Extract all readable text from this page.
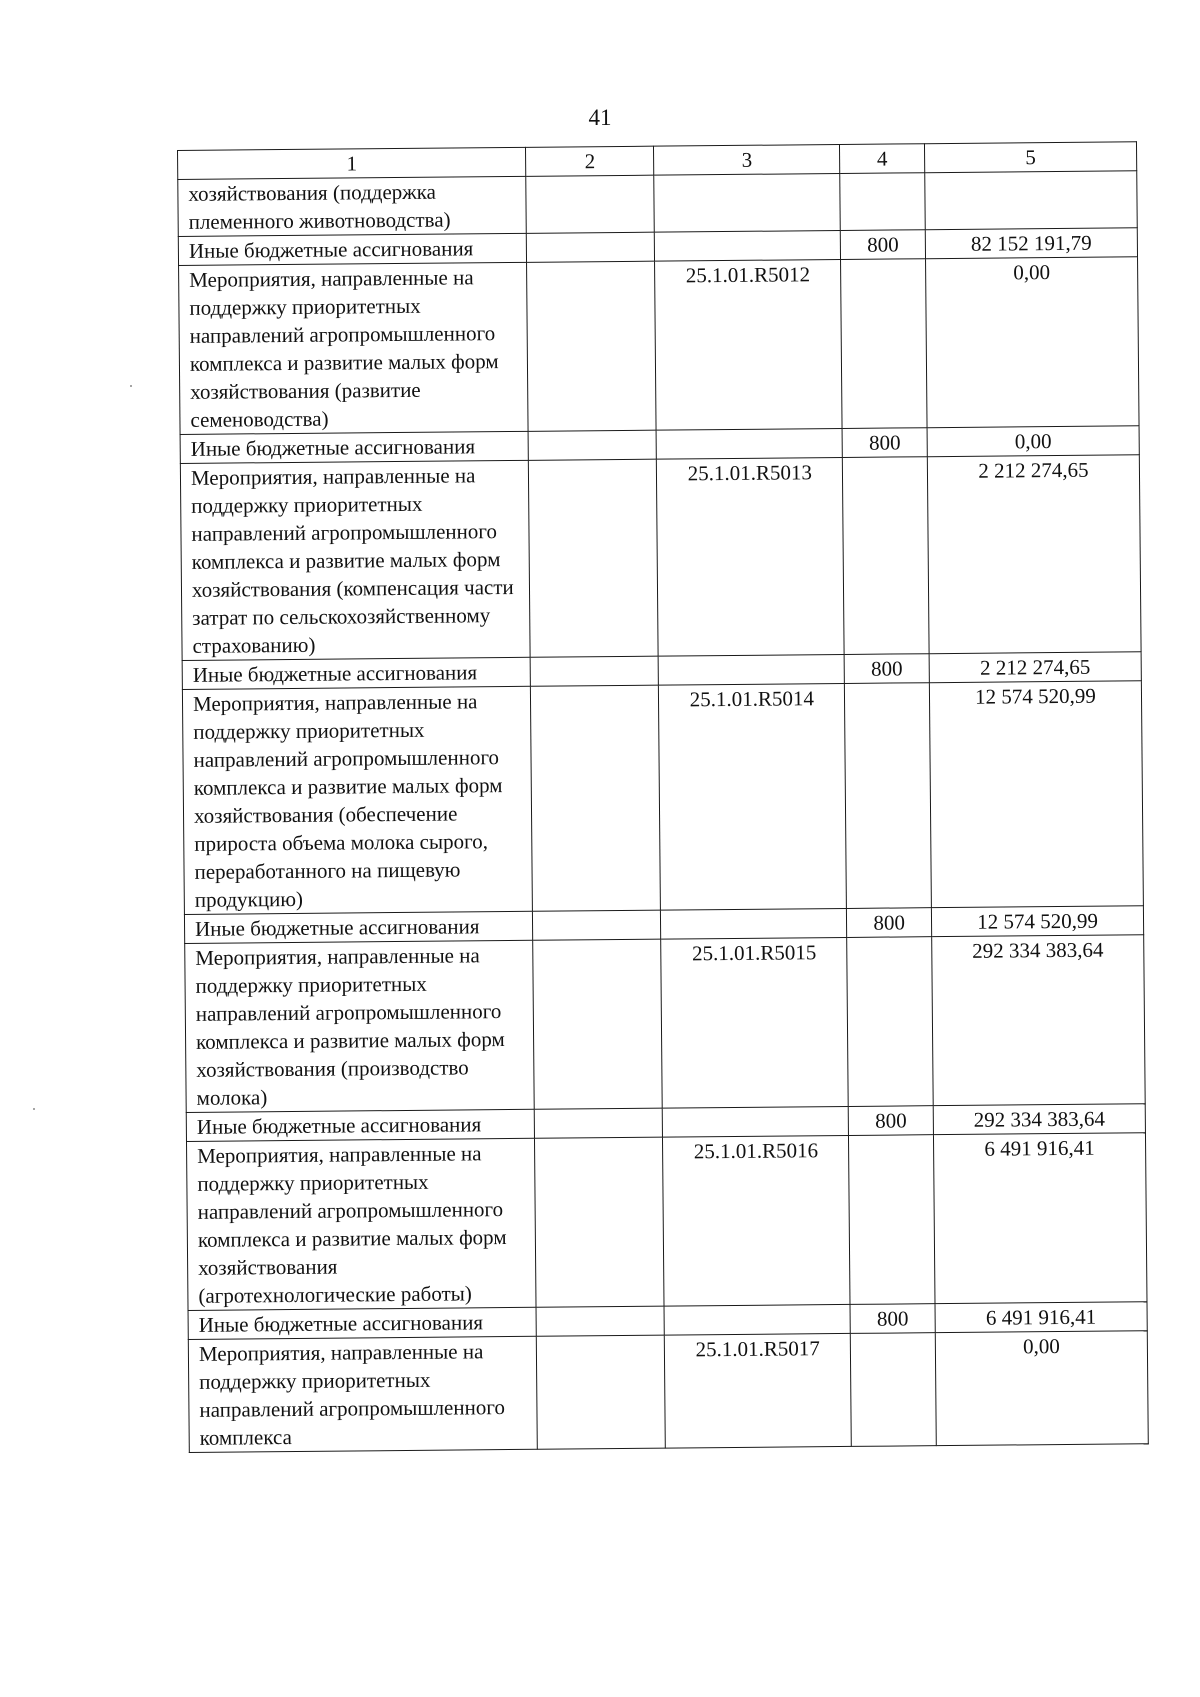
41
1	2	3	4	5
хозяйствования (поддержка племенного животноводства)				
Иные бюджетные ассигнования			800	82 152 191,79
Мероприятия, направленные на поддержку приоритетных направлений агропромышленного комплекса и развитие малых форм хозяйствования (развитие семеноводства)		25.1.01.R5012		0,00
Иные бюджетные ассигнования			800	0,00
Мероприятия, направленные на поддержку приоритетных направлений агропромышленного комплекса и развитие малых форм хозяйствования (компенсация части затрат по сельскохозяйственному страхованию)		25.1.01.R5013		2 212 274,65
Иные бюджетные ассигнования			800	2 212 274,65
Мероприятия, направленные на поддержку приоритетных направлений агропромышленного комплекса и развитие малых форм хозяйствования (обеспечение прироста объема молока сырого, переработанного на пищевую продукцию)		25.1.01.R5014		12 574 520,99
Иные бюджетные ассигнования			800	12 574 520,99
Мероприятия, направленные на поддержку приоритетных направлений агропромышленного комплекса и развитие малых форм хозяйствования (производство молока)		25.1.01.R5015		292 334 383,64
Иные бюджетные ассигнования			800	292 334 383,64
Мероприятия, направленные на поддержку приоритетных направлений агропромышленного комплекса и развитие малых форм хозяйствования (агротехнологические работы)		25.1.01.R5016		6 491 916,41
Иные бюджетные ассигнования			800	6 491 916,41
Мероприятия, направленные на поддержку приоритетных направлений агропромышленного комплекса		25.1.01.R5017		0,00
